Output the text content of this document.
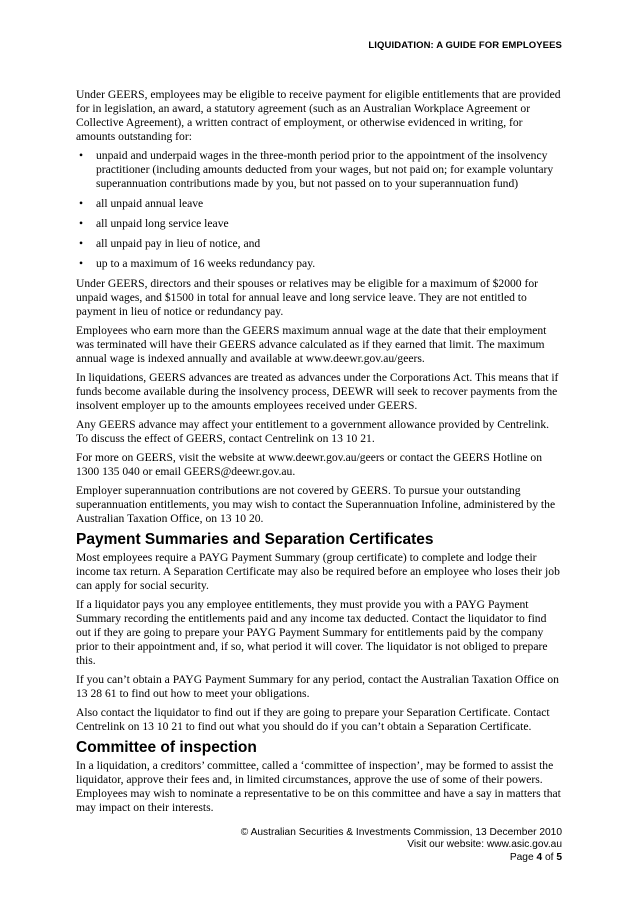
LIQUIDATION: A GUIDE FOR EMPLOYEES

Under GEERS, employees may be eligible to receive payment for eligible entitlements that are provided for in legislation, an award, a statutory agreement (such as an Australian Workplace Agreement or Collective Agreement), a written contract of employment, or otherwise evidenced in writing, for amounts outstanding for:

• unpaid and underpaid wages in the three-month period prior to the appointment of the insolvency practitioner (including amounts deducted from your wages, but not paid on; for example voluntary superannuation contributions made by you, but not passed on to your superannuation fund)
• all unpaid annual leave
• all unpaid long service leave
• all unpaid pay in lieu of notice, and
• up to a maximum of 16 weeks redundancy pay.

Under GEERS, directors and their spouses or relatives may be eligible for a maximum of $2000 for unpaid wages, and $1500 in total for annual leave and long service leave. They are not entitled to payment in lieu of notice or redundancy pay.

Employees who earn more than the GEERS maximum annual wage at the date that their employment was terminated will have their GEERS advance calculated as if they earned that limit. The maximum annual wage is indexed annually and available at www.deewr.gov.au/geers.

In liquidations, GEERS advances are treated as advances under the Corporations Act. This means that if funds become available during the insolvency process, DEEWR will seek to recover payments from the insolvent employer up to the amounts employees received under GEERS.

Any GEERS advance may affect your entitlement to a government allowance provided by Centrelink. To discuss the effect of GEERS, contact Centrelink on 13 10 21.

For more on GEERS, visit the website at www.deewr.gov.au/geers or contact the GEERS Hotline on 1300 135 040 or email GEERS@deewr.gov.au.

Employer superannuation contributions are not covered by GEERS. To pursue your outstanding superannuation entitlements, you may wish to contact the Superannuation Infoline, administered by the Australian Taxation Office, on 13 10 20.

Payment Summaries and Separation Certificates

Most employees require a PAYG Payment Summary (group certificate) to complete and lodge their income tax return. A Separation Certificate may also be required before an employee who loses their job can apply for social security.

If a liquidator pays you any employee entitlements, they must provide you with a PAYG Payment Summary recording the entitlements paid and any income tax deducted. Contact the liquidator to find out if they are going to prepare your PAYG Payment Summary for entitlements paid by the company prior to their appointment and, if so, what period it will cover. The liquidator is not obliged to prepare this.

If you can’t obtain a PAYG Payment Summary for any period, contact the Australian Taxation Office on 13 28 61 to find out how to meet your obligations.

Also contact the liquidator to find out if they are going to prepare your Separation Certificate. Contact Centrelink on 13 10 21 to find out what you should do if you can’t obtain a Separation Certificate.

Committee of inspection

In a liquidation, a creditors’ committee, called a ‘committee of inspection’, may be formed to assist the liquidator, approve their fees and, in limited circumstances, approve the use of some of their powers. Employees may wish to nominate a representative to be on this committee and have a say in matters that may impact on their interests.

© Australian Securities & Investments Commission, 13 December 2010
Visit our website: www.asic.gov.au
Page 4 of 5
